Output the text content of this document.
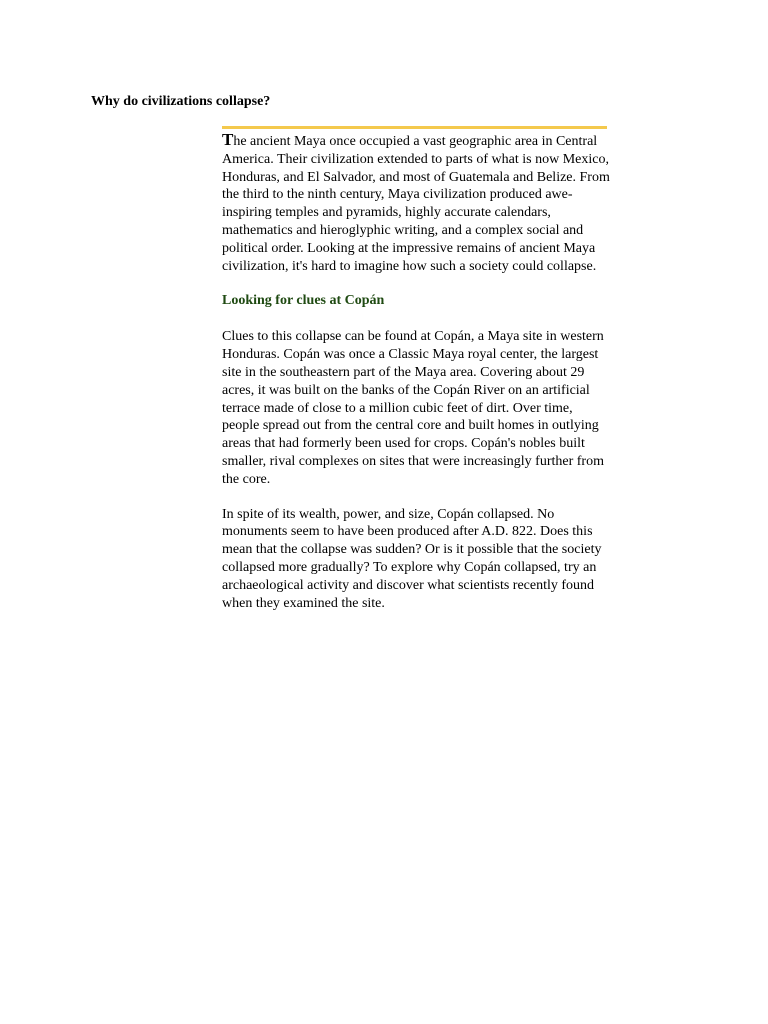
Why do civilizations collapse?

The ancient Maya once occupied a vast geographic area in Central America. Their civilization extended to parts of what is now Mexico, Honduras, and El Salvador, and most of Guatemala and Belize. From the third to the ninth century, Maya civilization produced awe-inspiring temples and pyramids, highly accurate calendars, mathematics and hieroglyphic writing, and a complex social and political order. Looking at the impressive remains of ancient Maya civilization, it's hard to imagine how such a society could collapse.

Looking for clues at Copán

Clues to this collapse can be found at Copán, a Maya site in western Honduras. Copán was once a Classic Maya royal center, the largest site in the southeastern part of the Maya area. Covering about 29 acres, it was built on the banks of the Copán River on an artificial terrace made of close to a million cubic feet of dirt. Over time, people spread out from the central core and built homes in outlying areas that had formerly been used for crops. Copán's nobles built smaller, rival complexes on sites that were increasingly further from the core.

In spite of its wealth, power, and size, Copán collapsed. No monuments seem to have been produced after A.D. 822. Does this mean that the collapse was sudden? Or is it possible that the society collapsed more gradually? To explore why Copán collapsed, try an archaeological activity and discover what scientists recently found when they examined the site.
